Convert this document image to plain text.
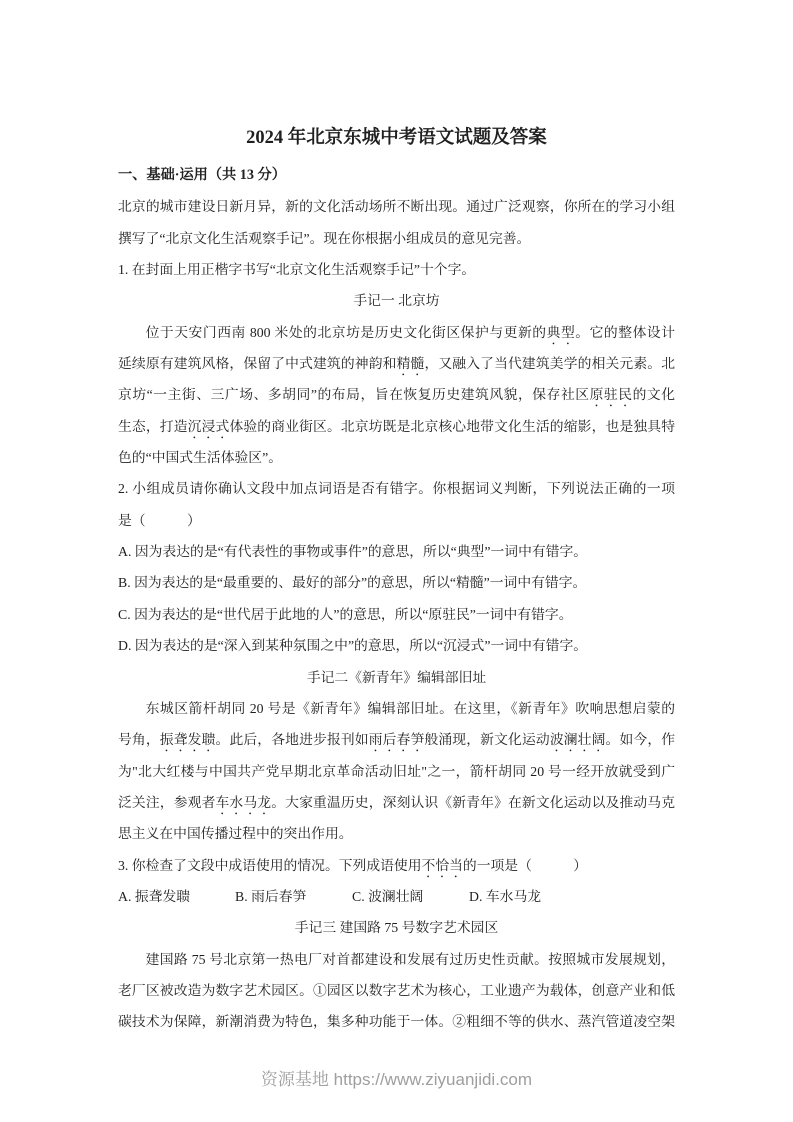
2024 年北京东城中考语文试题及答案
一、基础·运用（共 13 分）
北京的城市建设日新月异，新的文化活动场所不断出现。通过广泛观察，你所在的学习小组
撰写了“北京文化生活观察手记”。现在你根据小组成员的意见完善。
1. 在封面上用正楷字书写“北京文化生活观察手记”十个字。
手记一 北京坊
位于天安门西南 800 米处的北京坊是历史文化街区保护与更新的典型。它的整体设计
延续原有建筑风格，保留了中式建筑的神韵和精髓，又融入了当代建筑美学的相关元素。北
京坊“一主街、三广场、多胡同”的布局，旨在恢复历史建筑风貌，保存社区原驻民的文化
生态，打造沉浸式体验的商业街区。北京坊既是北京核心地带文化生活的缩影，也是独具特
色的“中国式生活体验区”。
2. 小组成员请你确认文段中加点词语是否有错字。你根据词义判断，下列说法正确的一项
是（　　　）
A. 因为表达的是“有代表性的事物或事件”的意思，所以“典型”一词中有错字。
B. 因为表达的是“最重要的、最好的部分”的意思，所以“精髓”一词中有错字。
C. 因为表达的是“世代居于此地的人”的意思，所以“原驻民”一词中有错字。
D. 因为表达的是“深入到某种氛围之中”的意思，所以“沉浸式”一词中有错字。
手记二《新青年》编辑部旧址
东城区箭杆胡同 20 号是《新青年》编辑部旧址。在这里，《新青年》吹响思想启蒙的
号角，振聋发聩。此后，各地进步报刊如雨后春笋般涌现，新文化运动波澜壮阔。如今，作
为"北大红楼与中国共产党早期北京革命活动旧址"之一，箭杆胡同 20 号一经开放就受到广
泛关注，参观者车水马龙。大家重温历史，深刻认识《新青年》在新文化运动以及推动马克
思主义在中国传播过程中的突出作用。
3. 你检查了文段中成语使用的情况。下列成语使用不恰当的一项是（　　　）
A. 振聋发聩	B. 雨后春笋	C. 波澜壮阔	D. 车水马龙
手记三 建国路 75 号数字艺术园区
建国路 75 号北京第一热电厂对首都建设和发展有过历史性贡献。按照城市发展规划，
老厂区被改造为数字艺术园区。①园区以数字艺术为核心，工业遗产为载体，创意产业和低
碳技术为保障，新潮消费为特色，集多种功能于一体。②粗细不等的供水、蒸汽管道凌空架
资源基地 https://www.ziyuanjidi.com
